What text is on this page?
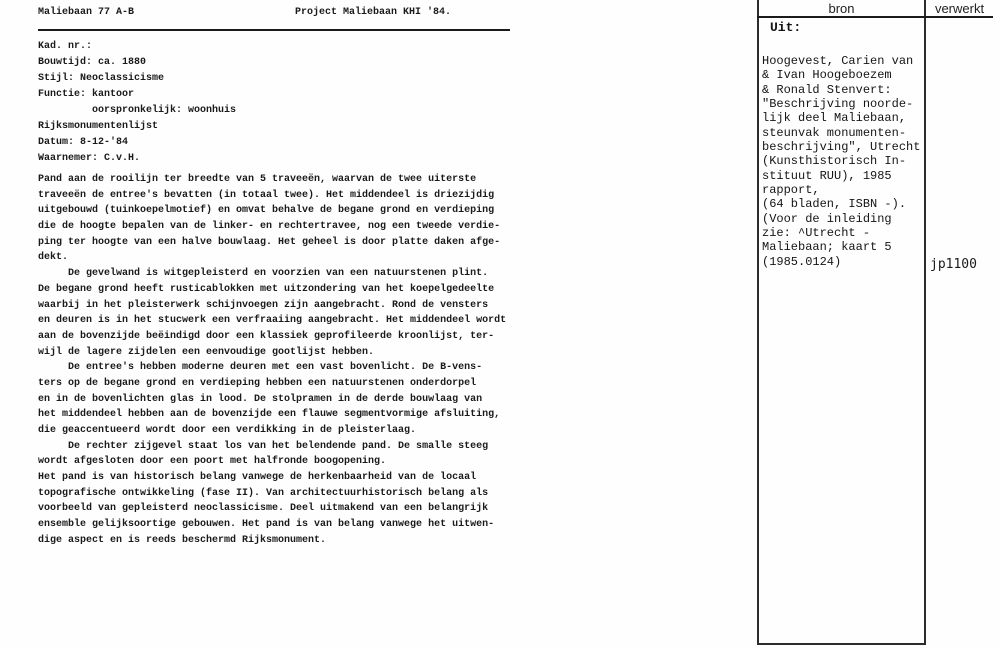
Maliebaan 77 A-B	Project Maliebaan KHI '84.
Kad. nr.:
Bouwtijd: ca. 1880
Stijl: Neoclassicisme
Functie: kantoor
oorspronkelijk: woonhuis
Rijksmonumentenlijst
Datum: 8-12-'84
Waarnemer: C.v.H.
Pand aan de rooilijn ter breedte van 5 traveeën, waarvan de twee uiterste
traveeën de entree's bevatten (in totaal twee). Het middendeel is driezijdig
uitgebouwd (tuinkoepelmotief) en omvat behalve de begane grond en verdieping
die de hoogte bepalen van de linker- en rechtertravee, nog een tweede verdie-
ping ter hoogte van een halve bouwlaag. Het geheel is door platte daken afge-
dekt.
De gevelwand is witgepleisterd en voorzien van een natuurstenen plint.
De begane grond heeft rusticablokken met uitzondering van het koepelgedeelte
waarbij in het pleisterwerk schijnvoegen zijn aangebracht. Rond de vensters
en deuren is in het stucwerk een verfraaiing aangebracht. Het middendeel wordt
aan de bovenzijde beëindigd door een klassiek geprofileerde kroonlijst, ter-
wijl de lagere zijdelen een eenvoudige gootlijst hebben.
De entree's hebben moderne deuren met een vast bovenlicht. De B-vens-
ters op de begane grond en verdieping hebben een natuurstenen onderdorpel
en in de bovenlichten glas in lood. De stolpramen in de derde bouwlaag van
het middendeel hebben aan de bovenzijde een flauwe segmentvormige afsluiting,
die geaccentueerd wordt door een verdikking in de pleisterlaag.
De rechter zijgevel staat los van het belendende pand. De smalle steeg
wordt afgesloten door een poort met halfronde boogopening.
Het pand is van historisch belang vanwege de herkenbaarheid van de locaal
topografische ontwikkeling (fase II). Van architectuurhistorisch belang als
voorbeeld van gepleisterd neoclassicisme. Deel uitmakend van een belangrijk
ensemble gelijksoortige gebouwen. Het pand is van belang vanwege het uitwen-
dige aspect en is reeds beschermd Rijksmonument.
bron	verwerkt
Uit:
Hoogevest, Carien van
& Ivan Hoogeboezem
& Ronald Stenvert:
"Beschrijving noorde-
lijk deel Maliebaan,
steunvak monumenten-
beschrijving", Utrecht
(Kunsthistorisch In-
stituut RUU), 1985
rapport,
(64 bladen, ISBN -).
(Voor de inleiding
zie: ^Utrecht -
Maliebaan; kaart 5
(1985.0124)	jp1100
